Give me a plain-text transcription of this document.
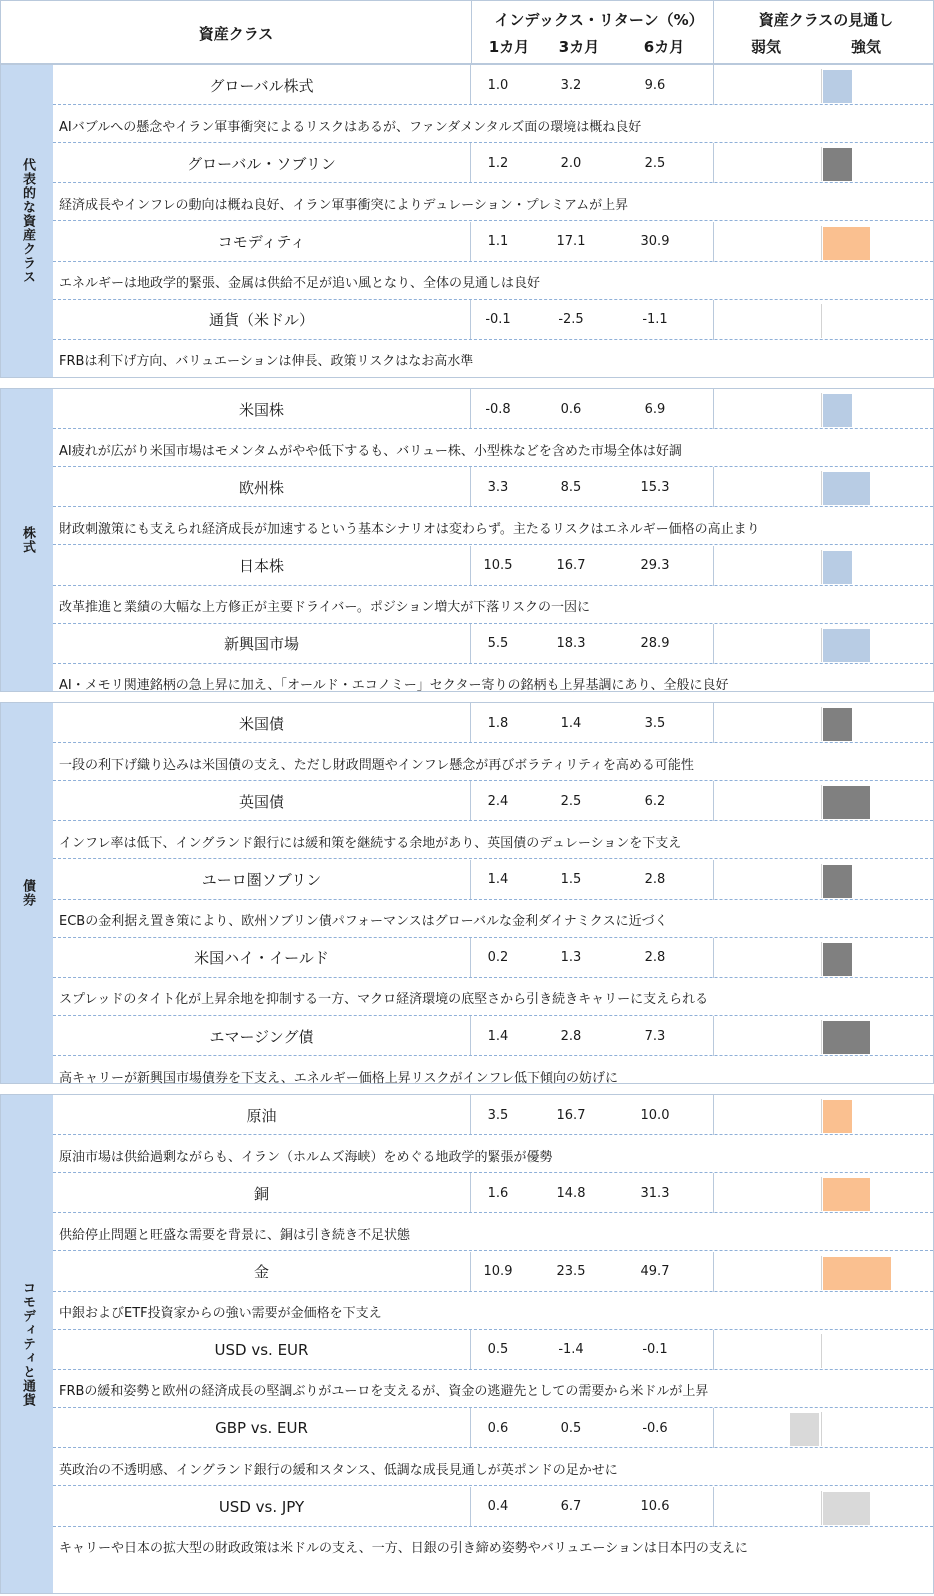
資産クラス
インデックス・リターン（%）
1カ月	3カ月	6カ月
資産クラスの見通し
弱気	強気
代表的な資産クラス
グローバル株式	1.0	3.2	9.6
AIバブルへの懸念やイラン軍事衝突によるリスクはあるが、ファンダメンタルズ面の環境は概ね良好
グローバル・ソブリン	1.2	2.0	2.5
経済成長やインフレの動向は概ね良好、イラン軍事衝突によりデュレーション・プレミアムが上昇
コモディティ	1.1	17.1	30.9
エネルギーは地政学的緊張、金属は供給不足が追い風となり、全体の見通しは良好
通貨（米ドル）	-0.1	-2.5	-1.1
FRBは利下げ方向、バリュエーションは伸長、政策リスクはなお高水準
株式
米国株	-0.8	0.6	6.9
AI疲れが広がり米国市場はモメンタムがやや低下するも、バリュー株、小型株などを含めた市場全体は好調
欧州株	3.3	8.5	15.3
財政刺激策にも支えられ経済成長が加速するという基本シナリオは変わらず。主たるリスクはエネルギー価格の高止まり
日本株	10.5	16.7	29.3
改革推進と業績の大幅な上方修正が主要ドライバー。ポジション増大が下落リスクの一因に
新興国市場	5.5	18.3	28.9
AI・メモリ関連銘柄の急上昇に加え、「オールド・エコノミー」セクター寄りの銘柄も上昇基調にあり、全般に良好
債券
米国債	1.8	1.4	3.5
一段の利下げ織り込みは米国債の支え、ただし財政問題やインフレ懸念が再びボラティリティを高める可能性
英国債	2.4	2.5	6.2
インフレ率は低下、イングランド銀行には緩和策を継続する余地があり、英国債のデュレーションを下支え
ユーロ圏ソブリン	1.4	1.5	2.8
ECBの金利据え置き策により、欧州ソブリン債パフォーマンスはグローバルな金利ダイナミクスに近づく
米国ハイ・イールド	0.2	1.3	2.8
スプレッドのタイト化が上昇余地を抑制する一方、マクロ経済環境の底堅さから引き続きキャリーに支えられる
エマージング債	1.4	2.8	7.3
高キャリーが新興国市場債券を下支え、エネルギー価格上昇リスクがインフレ低下傾向の妨げに
コモディティと通貨
原油	3.5	16.7	10.0
原油市場は供給過剰ながらも、イラン（ホルムズ海峡）をめぐる地政学的緊張が優勢
銅	1.6	14.8	31.3
供給停止問題と旺盛な需要を背景に、銅は引き続き不足状態
金	10.9	23.5	49.7
中銀およびETF投資家からの強い需要が金価格を下支え
USD vs. EUR	0.5	-1.4	-0.1
FRBの緩和姿勢と欧州の経済成長の堅調ぶりがユーロを支えるが、資金の逃避先としての需要から米ドルが上昇
GBP vs. EUR	0.6	0.5	-0.6
英政治の不透明感、イングランド銀行の緩和スタンス、低調な成長見通しが英ポンドの足かせに
USD vs. JPY	0.4	6.7	10.6
キャリーや日本の拡大型の財政政策は米ドルの支え、一方、日銀の引き締め姿勢やバリュエーションは日本円の支えに
